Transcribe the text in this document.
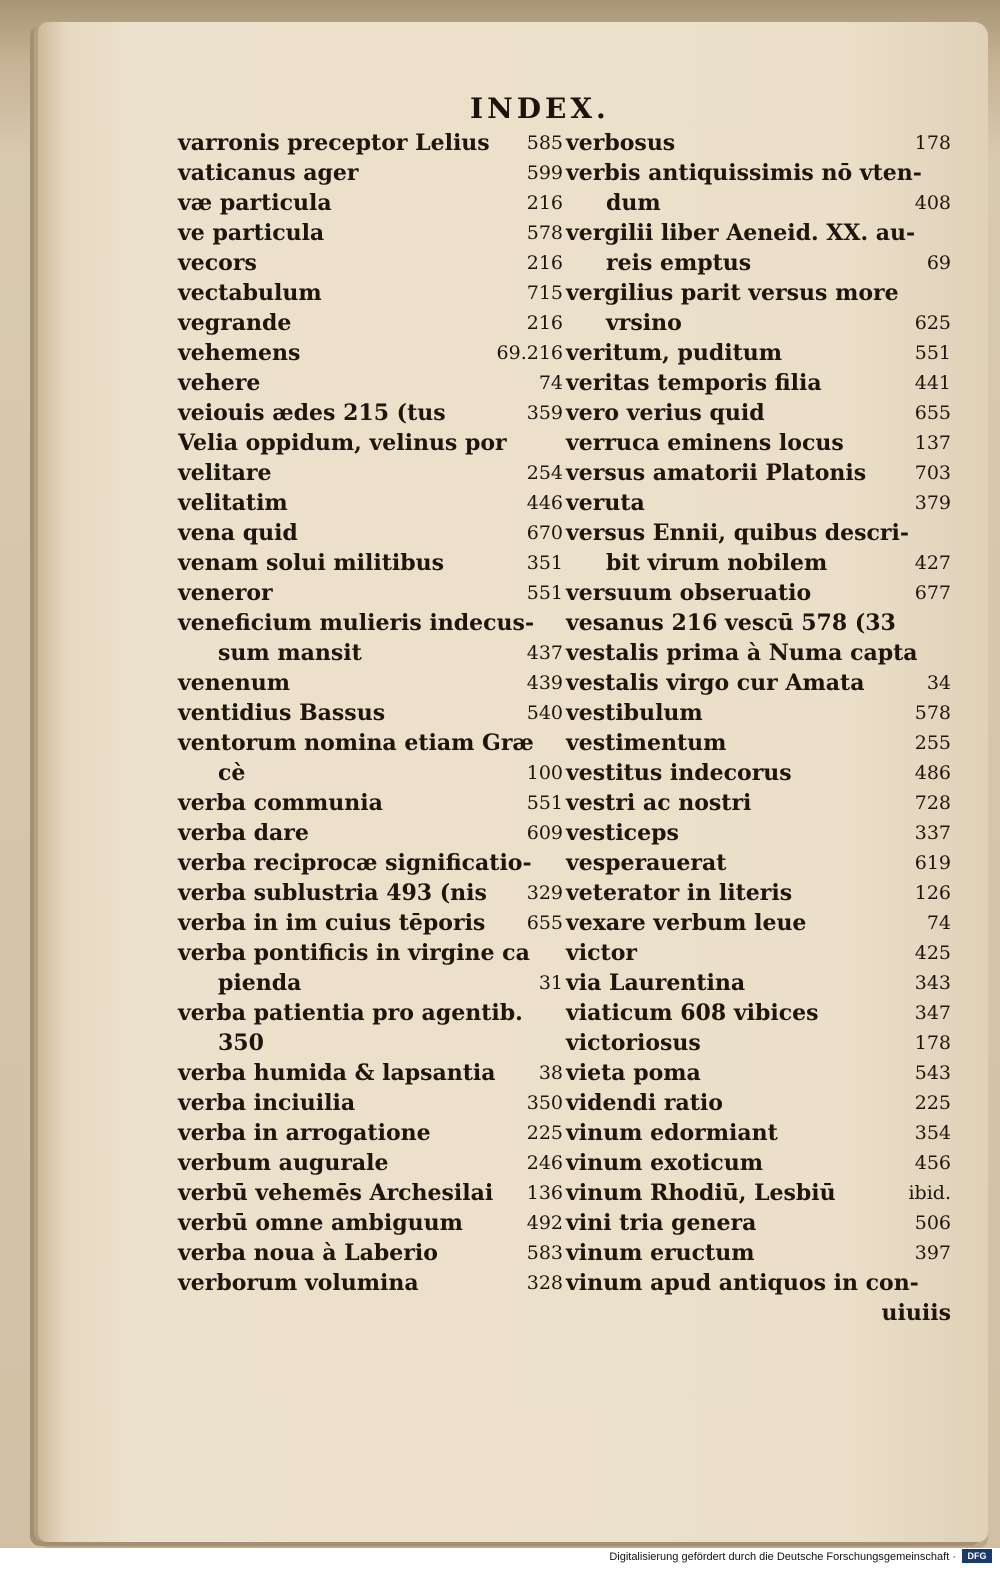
INDEX.
varronis preceptor Lelius 585
vaticanus ager	599
væ particula	216
ve particula	578
vecors	216
vectabulum	715
vegrande	216
vehemens	69.216
vehere	74
veiouis ædes 215 (tus	359
Velia oppidum, velinus por
velitare	254
velitatim	446
vena quid	670
venam solui militibus	351
veneror	551
veneficium mulieris indecus-
sum mansit	437
venenum	439
ventidius Bassus	540
ventorum nomina etiam Græ
cè	100
verba communia	551
verba dare	609
verba reciprocæ significatio-
verba sublustria 493 (nis 329
verba in im cuius tēporis 655
verba pontificis in virgine ca
pienda	31
verba patientia pro agentib.
350
verba humida & lapsantia 38
verba inciuilia	350
verba in arrogatione	225
verbum augurale	246
verbū vehemēs Archesilai 136
verbū omne ambiguum	492
verba noua à Laberio	583
verborum volumina	328
verbosus	178
verbis antiquissimis nō vten-
dum	408
vergilii liber Aeneid. XX. au-
reis emptus	69
vergilius parit versus more
vrsino	625
veritum, puditum	551
veritas temporis filia	441
vero verius quid	655
verruca eminens locus	137
versus amatorii Platonis	703
veruta	379
versus Ennii, quibus descri-
bit virum nobilem	427
versuum obseruatio	677
vesanus 216 vescū 578 (33
vestalis prima à Numa capta
vestalis virgo cur Amata	34
vestibulum	578
vestimentum	255
vestitus indecorus	486
vestri ac nostri	728
vesticeps	337
vesperauerat	619
veterator in literis	126
vexare verbum leue	74
victor	425
via Laurentina	343
viaticum 608 vibices	347
victoriosus	178
vieta poma	543
videndi ratio	225
vinum edormiant	354
vinum exoticum	456
vinum Rhodiū, Lesbiū	ibid.
vini tria genera	506
vinum eructum	397
vinum apud antiquos in con-
uiuiis
Digitalisierung gefördert durch die Deutsche Forschungsgemeinschaft ·	DFG
